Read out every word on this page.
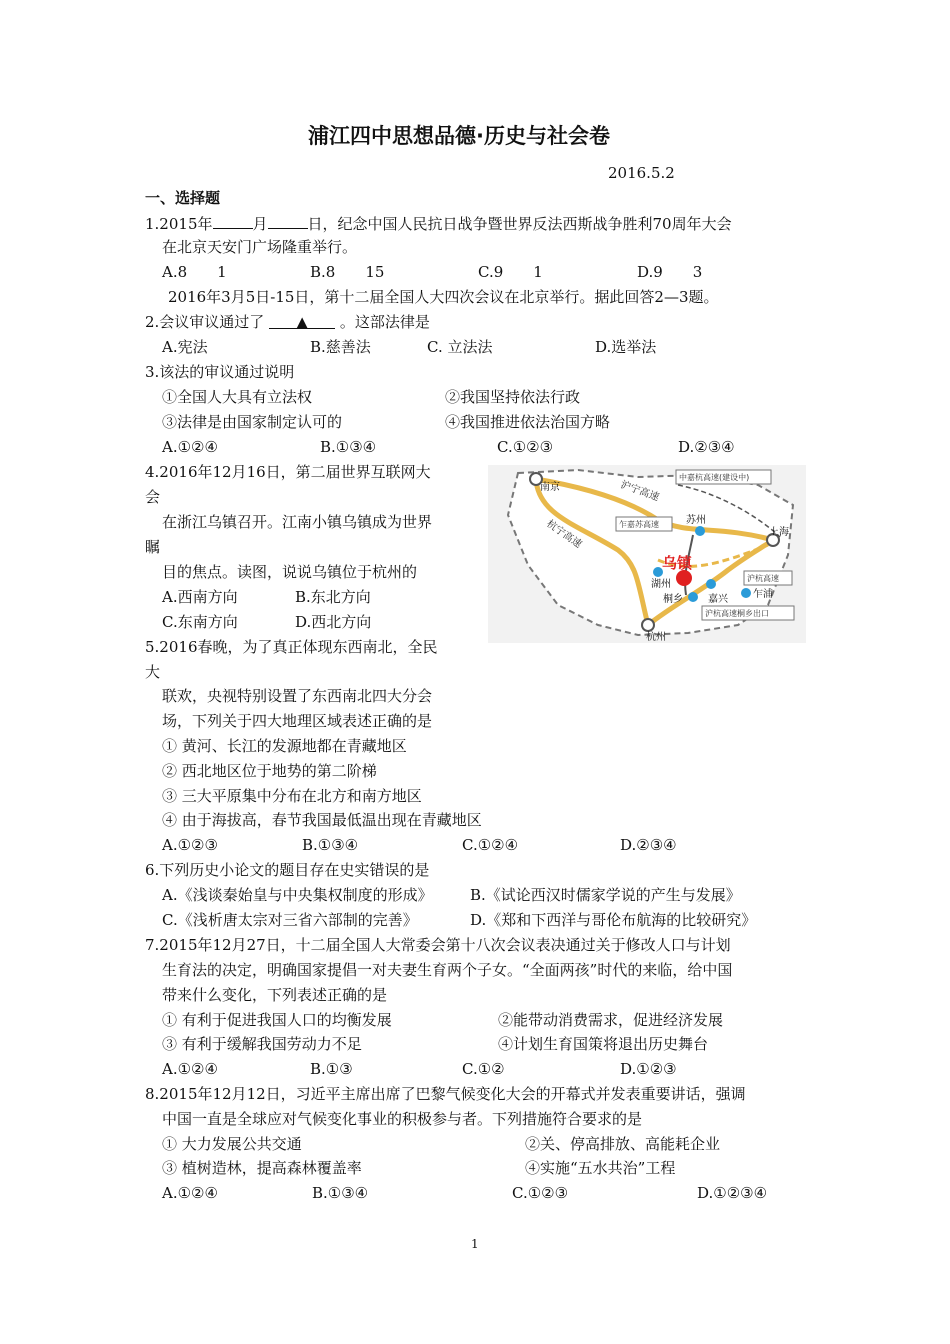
浦江四中思想品德·历史与社会卷
2016.5.2
一、选择题
1.2015年	月	日，纪念中国人民抗日战争暨世界反法西斯战争胜利70周年大会
在北京天安门广场隆重举行。
A.8　　1	B.8　　15	C.9　　1	D.9　　3
2016年3月5日-15日，第十二届全国人大四次会议在北京举行。据此回答2—3题。
2.会议审议通过了 ▲ 。这部法律是
A.宪法	B.慈善法	C. 立法法	D.选举法
3.该法的审议通过说明
①全国人大具有立法权	②我国坚持依法行政
③法律是由国家制定认可的	④我国推进依法治国方略
A.①②④	B.①③④	C.①②③	D.②③④
4.2016年12月16日，第二届世界互联网大
会
在浙江乌镇召开。江南小镇乌镇成为世界
瞩
目的焦点。读图，说说乌镇位于杭州的
A.西南方向	B.东北方向
C.东南方向	D.西北方向
南京
苏州
上海
乌镇
湖州
桐乡	嘉兴	乍浦
杭州
沪宁高速
杭宁高速	乍嘉苏高速
中嘉杭高速(建设中)
沪杭高速
沪杭高速桐乡出口
5.2016春晚，为了真正体现东西南北，全民
大
联欢，央视特别设置了东西南北四大分会
场，下列关于四大地理区域表述正确的是
① 黄河、长江的发源地都在青藏地区
② 西北地区位于地势的第二阶梯
③ 三大平原集中分布在北方和南方地区
④ 由于海拔高，春节我国最低温出现在青藏地区
A.①②③	B.①③④	C.①②④	D.②③④
6.下列历史小论文的题目存在史实错误的是
A.《浅谈秦始皇与中央集权制度的形成》 B.《试论西汉时儒家学说的产生与发展》
C.《浅析唐太宗对三省六部制的完善》	D.《郑和下西洋与哥伦布航海的比较研究》
7.2015年12月27日，十二届全国人大常委会第十八次会议表决通过关于修改人口与计划
生育法的决定，明确国家提倡一对夫妻生育两个子女。“全面两孩”时代的来临，给中国
带来什么变化，下列表述正确的是
① 有利于促进我国人口的均衡发展	②能带动消费需求，促进经济发展
③ 有利于缓解我国劳动力不足	④计划生育国策将退出历史舞台
A.①②④	B.①③	C.①②	D.①②③
8.2015年12月12日，习近平主席出席了巴黎气候变化大会的开幕式并发表重要讲话，强调
中国一直是全球应对气候变化事业的积极参与者。下列措施符合要求的是
① 大力发展公共交通	②关、停高排放、高能耗企业
③ 植树造林，提高森林覆盖率	④实施“五水共治”工程
A.①②④	B.①③④	C.①②③	D.①②③④
1
